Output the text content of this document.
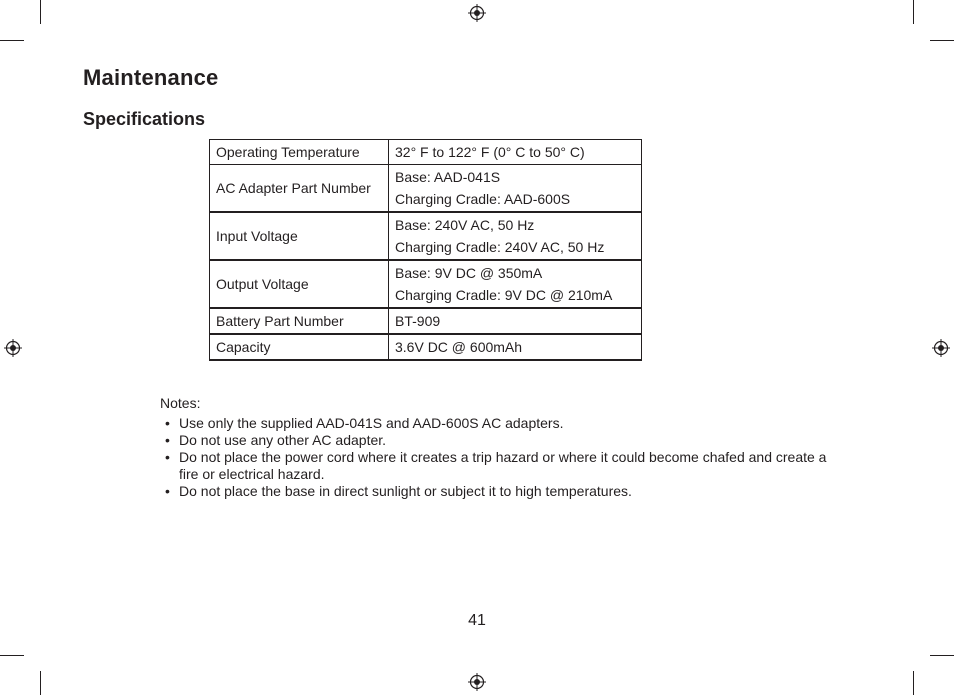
Maintenance
Specifications
Operating Temperature	32° F to 122° F (0° C to 50° C)

AC Adapter Part Number	Base: AAD-041S
Charging Cradle: AAD-600S

Input Voltage	Base: 240V AC, 50 Hz
Charging Cradle: 240V AC, 50 Hz

Output Voltage	Base: 9V DC @ 350mA
Charging Cradle: 9V DC @ 210mA

Battery Part Number	BT-909

Capacity	3.6V DC @ 600mAh
Notes:
• Use only the supplied AAD-041S and AAD-600S AC adapters.
• Do not use any other AC adapter.
• Do not place the power cord where it creates a trip hazard or where it could become chafed and create a fire or electrical hazard.
• Do not place the base in direct sunlight or subject it to high temperatures.
41
